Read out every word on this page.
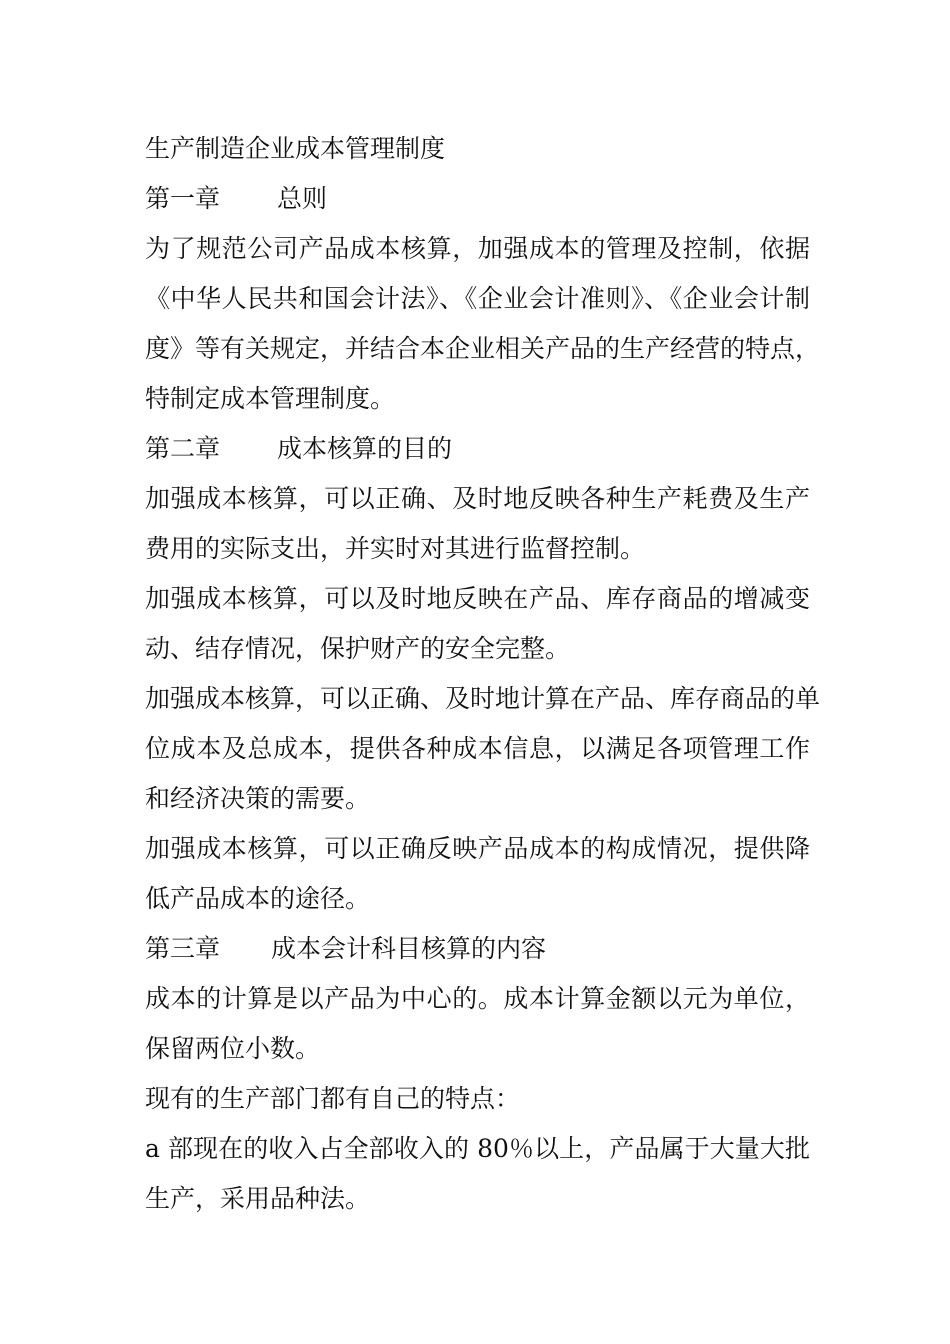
生产制造企业成本管理制度
第一章 总则
为了规范公司产品成本核算，加强成本的管理及控制，依据
《中华人民共和国会计法》、《企业会计准则》、《企业会计制
度》等有关规定，并结合本企业相关产品的生产经营的特点，
特制定成本管理制度。
第二章 成本核算的目的
加强成本核算，可以正确、及时地反映各种生产耗费及生产
费用的实际支出，并实时对其进行监督控制。
加强成本核算，可以及时地反映在产品、库存商品的增减变
动、结存情况，保护财产的安全完整。
加强成本核算，可以正确、及时地计算在产品、库存商品的单
位成本及总成本，提供各种成本信息，以满足各项管理工作
和经济决策的需要。
加强成本核算，可以正确反映产品成本的构成情况，提供降
低产品成本的途径。
第三章 成本会计科目核算的内容
成本的计算是以产品为中心的。成本计算金额以元为单位，
保留两位小数。
现有的生产部门都有自己的特点：
a 部现在的收入占全部收入的 80％以上，产品属于大量大批
生产，采用品种法。
